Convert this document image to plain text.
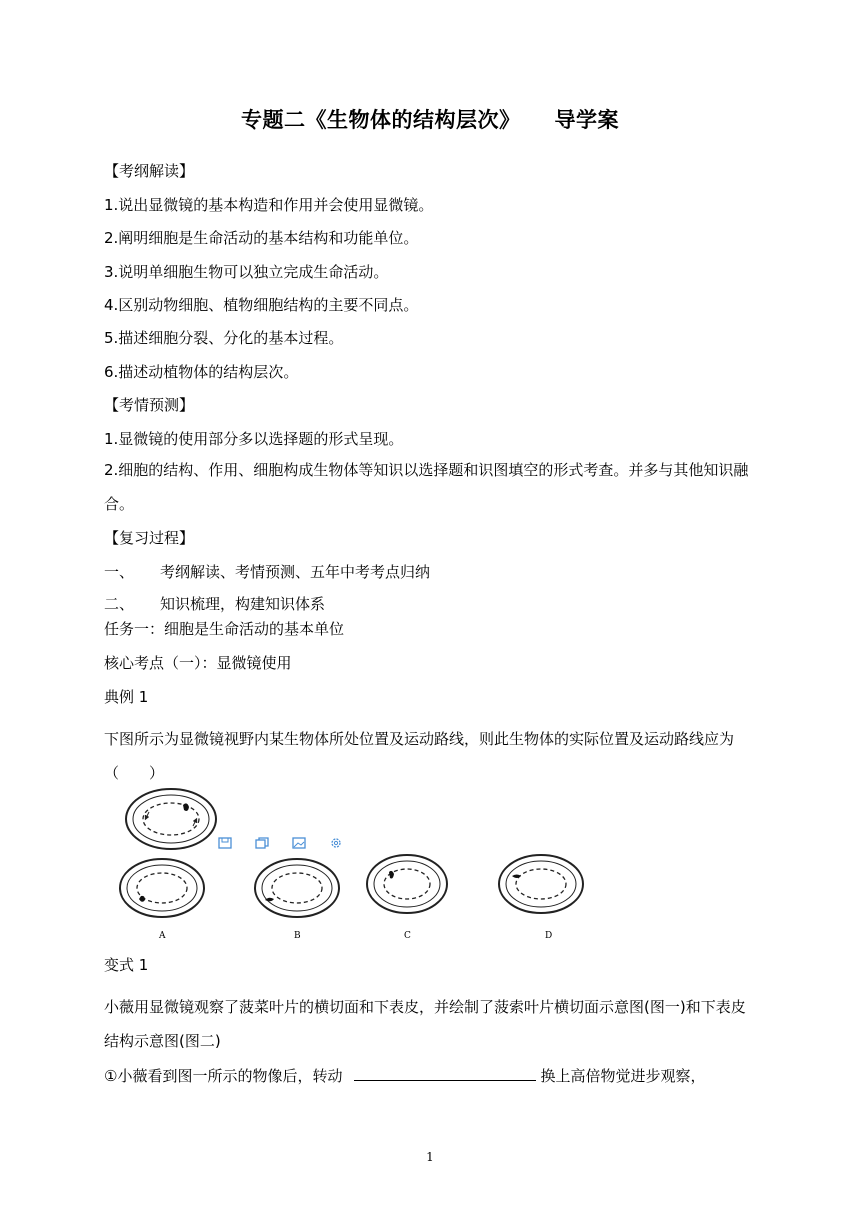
专题二《生物体的结构层次》 导学案
【考纲解读】
1.说出显微镜的基本构造和作用并会使用显微镜。
2.阐明细胞是生命活动的基本结构和功能单位。
3.说明单细胞生物可以独立完成生命活动。
4.区别动物细胞、植物细胞结构的主要不同点。
5.描述细胞分裂、分化的基本过程。
6.描述动植物体的结构层次。
【考情预测】
1.显微镜的使用部分多以选择题的形式呈现。
2.细胞的结构、作用、细胞构成生物体等知识以选择题和识图填空的形式考查。并多与其他知识融合。
【复习过程】
一、 考纲解读、考情预测、五年中考考点归纳
二、 知识梳理，构建知识体系
任务一：细胞是生命活动的基本单位
核心考点（一）：显微镜使用
典例 1
下图所示为显微镜视野内某生物体所处位置及运动路线，则此生物体的实际位置及运动路线应为（　　）
A	B	C	D

变式 1
小薇用显微镜观察了菠菜叶片的横切面和下表皮，并绘制了菠索叶片横切面示意图(图一)和下表皮结构示意图(图二)
①小薇看到图一所示的物像后，转动	换上高倍物觉进步观察，
1
